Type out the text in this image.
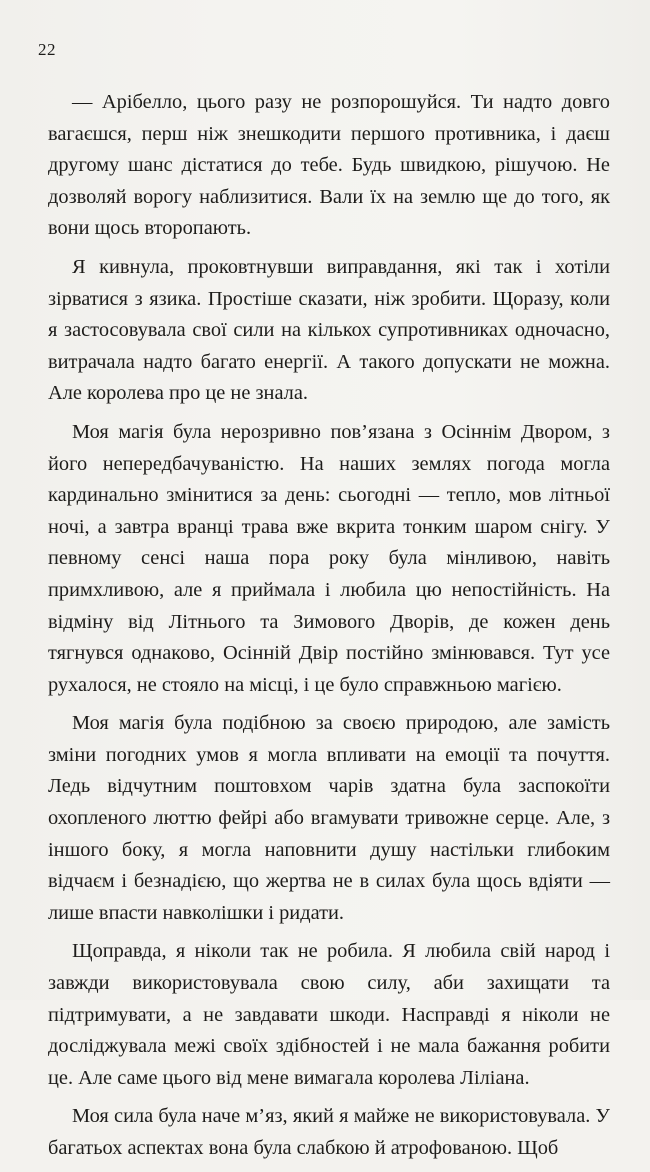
22

— Арібелло, цього разу не розпорошуйся. Ти надто довго вагаєшся, перш ніж знешкодити першого противника, і даєш другому шанс дістатися до тебе. Будь швидкою, рішучою. Не дозволяй ворогу наблизитися. Вали їх на землю ще до того, як вони щось втоpопають.

Я кивнула, проковтнувши виправдання, які так і хотіли зірватися з язика. Простіше сказати, ніж зробити. Щоразу, коли я застосовувала свої сили на кількох супротивниках одночасно, витрачала надто багато енергії. А такого допускати не можна. Але королева про це не знала.

Моя магія була нерозривно пов’язана з Осіннім Двором, з його непередбачуваністю. На наших землях погода могла кардинально змінитися за день: сьогодні — тепло, мов літньої ночі, а завтра вранці трава вже вкрита тонким шаром снігу. У певному сенсі наша пора року була мінливою, навіть примхливою, але я приймала і любила цю непостійність. На відміну від Літнього та Зимового Дворів, де кожен день тягнувся однаково, Осінній Двір постійно змінювався. Тут усе рухалося, не стояло на місці, і це було справжньою магією.

Моя магія була подібною за своєю природою, але замість зміни погодних умов я могла впливати на емоції та почуття. Ледь відчутним поштовхом чарів здатна була заспокоїти охопленого люттю фейрі або вгамувати тривожне серце. Але, з іншого боку, я могла наповнити душу настільки глибоким відчаєм і безнадією, що жертва не в силах була щось вдіяти — лише впасти навколішки і ридати.

Щоправда, я ніколи так не робила. Я любила свій народ і завжди використовувала свою силу, аби захищати та підтримувати, а не завдавати шкоди. Насправді я ніколи не досліджувала межі своїх здібностей і не мала бажання робити це. Але саме цього від мене вимагала королева Ліліана.

Моя сила була наче м’яз, який я майже не використовувала. У багатьох аспектах вона була слабкою й атрофованою. Щоб
